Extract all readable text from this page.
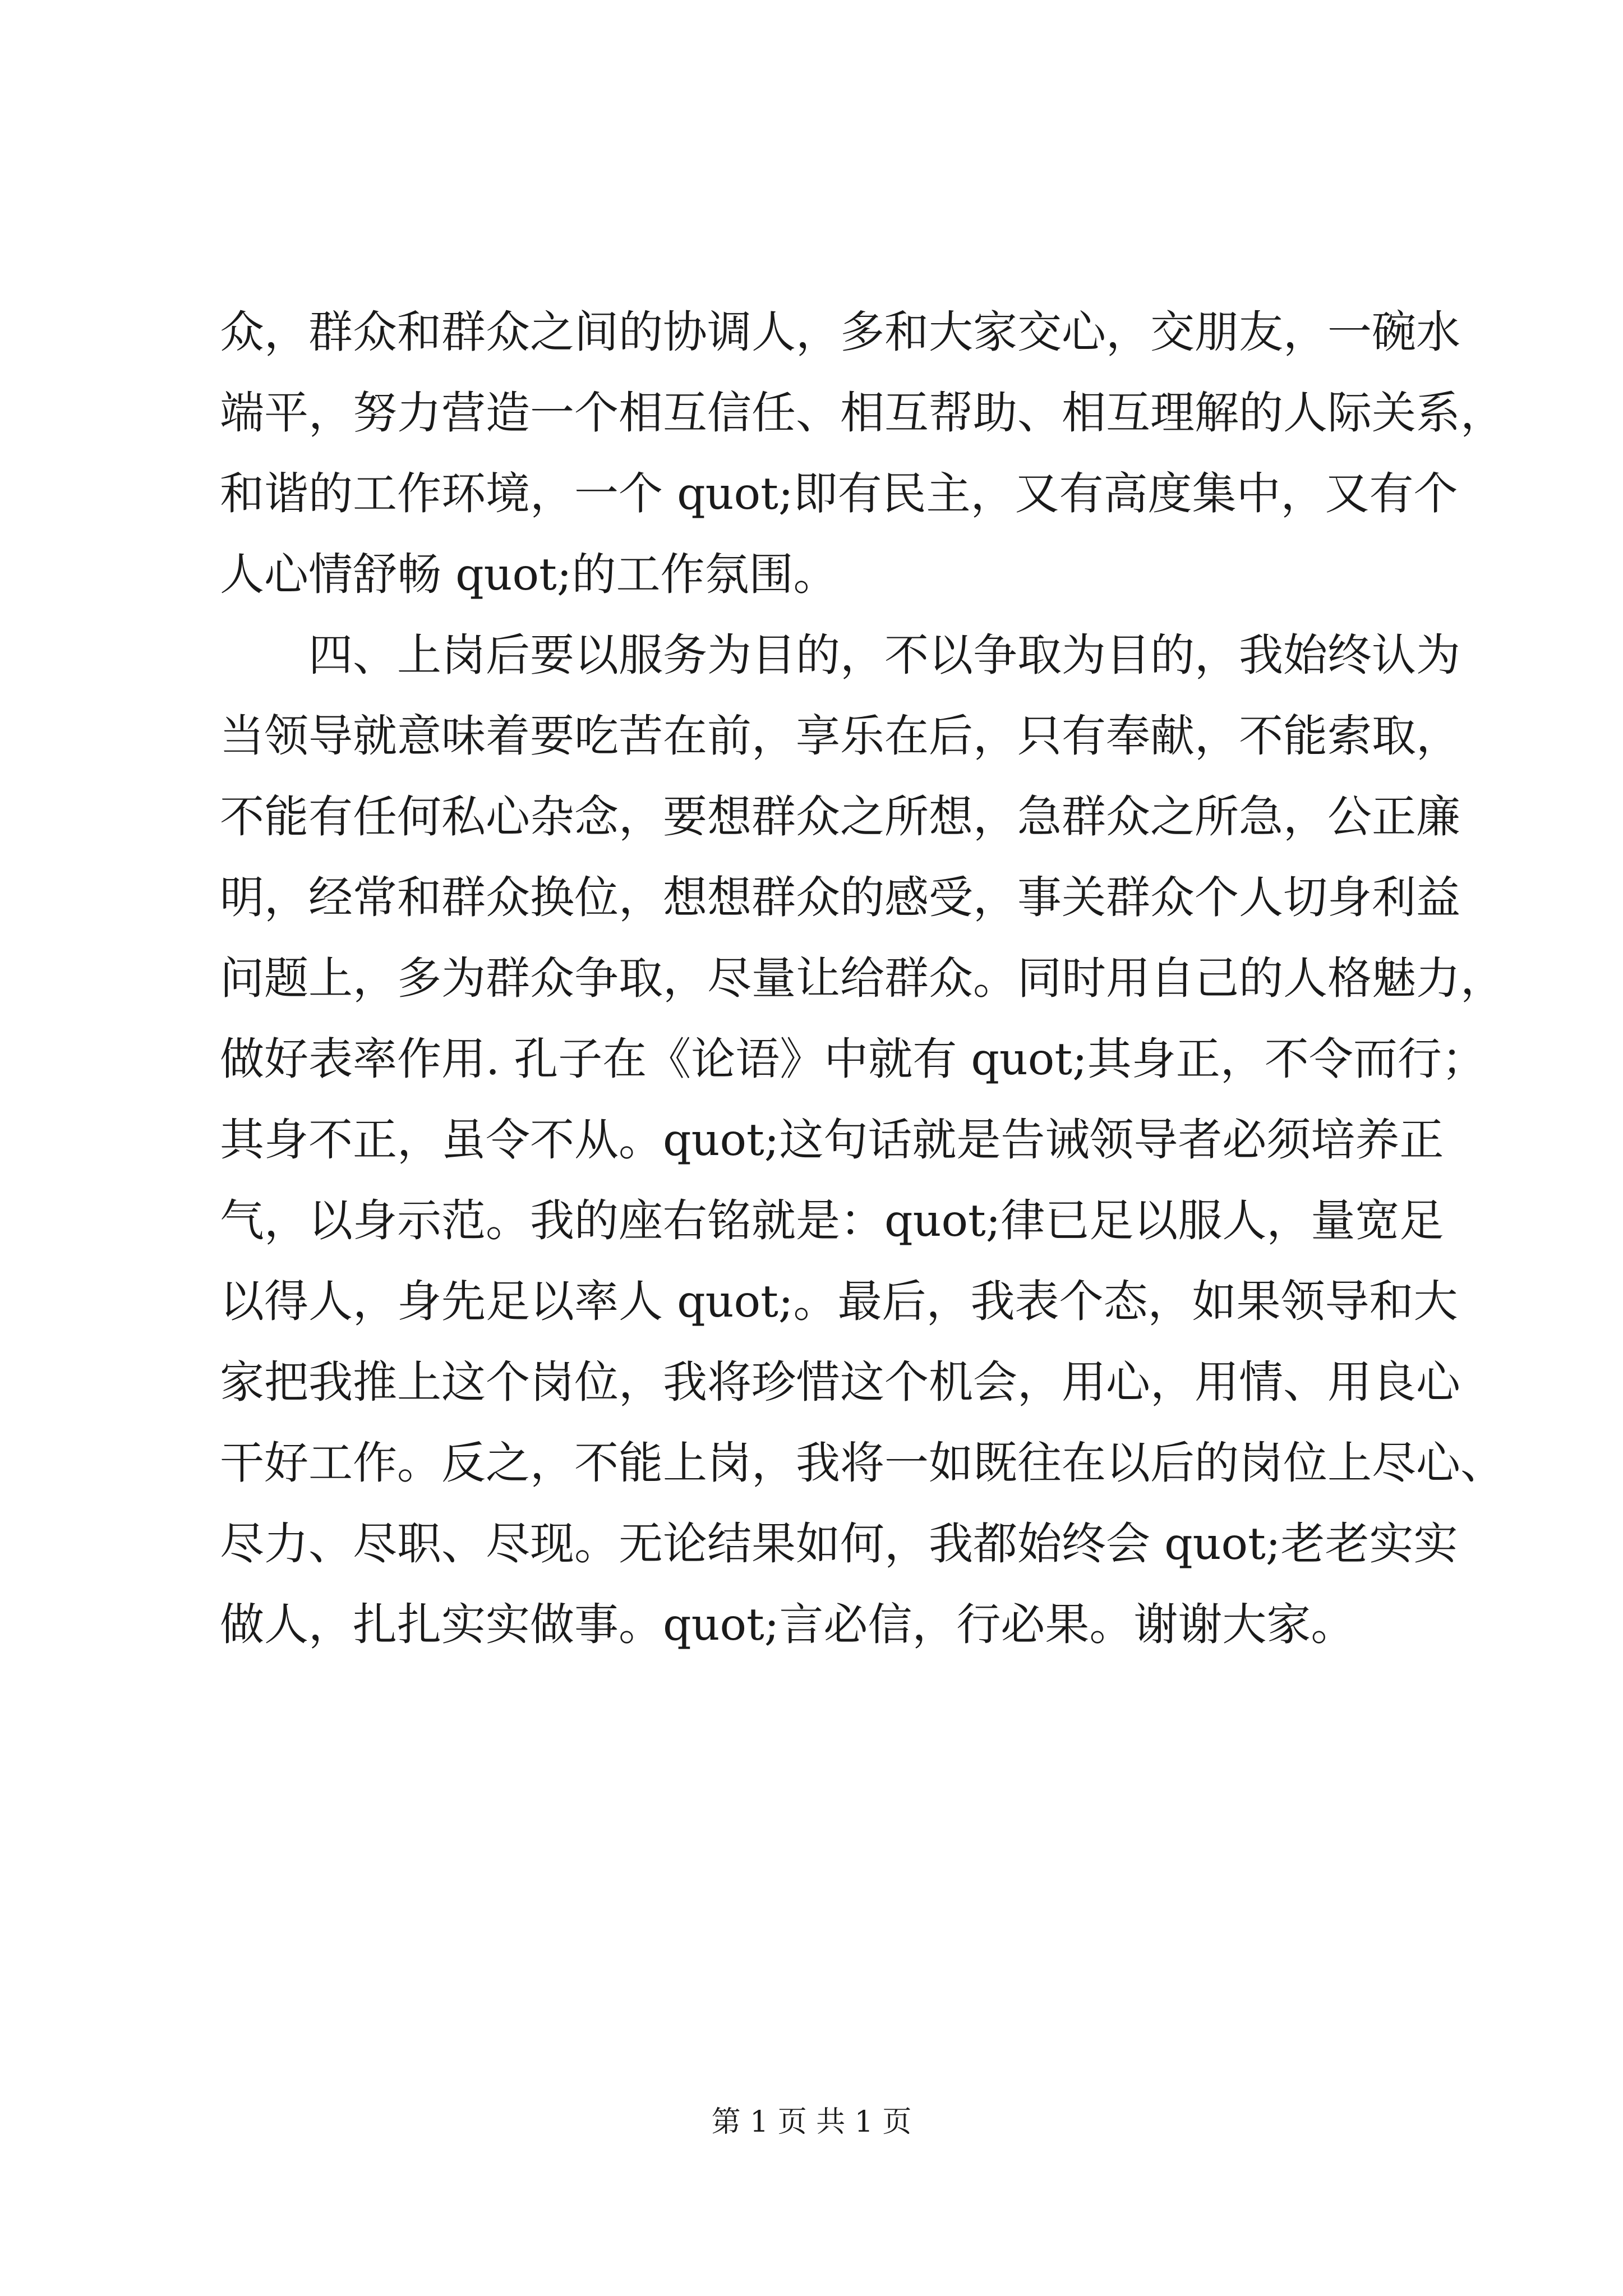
众，群众和群众之间的协调人，多和大家交心，交朋友，一碗水
端平，努力营造一个相互信任、相互帮助、相互理解的人际关系，
和谐的工作环境，一个 quot;即有民主，又有高度集中，又有个
人心情舒畅 quot;的工作氛围。
　　四、上岗后要以服务为目的，不以争取为目的，我始终认为
当领导就意味着要吃苦在前，享乐在后，只有奉献，不能索取，
不能有任何私心杂念，要想群众之所想，急群众之所急，公正廉
明，经常和群众换位，想想群众的感受，事关群众个人切身利益
问题上，多为群众争取，尽量让给群众。同时用自己的人格魅力，
做好表率作用. 孔子在《论语》中就有 quot;其身正，不令而行；
其身不正，虽令不从。quot;这句话就是告诫领导者必须培养正
气，以身示范。我的座右铭就是：quot;律已足以服人，量宽足
以得人，身先足以率人 quot;。最后，我表个态，如果领导和大
家把我推上这个岗位，我将珍惜这个机会，用心，用情、用良心
干好工作。反之，不能上岗，我将一如既往在以后的岗位上尽心、
尽力、尽职、尽现。无论结果如何，我都始终会 quot;老老实实
做人，扎扎实实做事。quot;言必信，行必果。谢谢大家。
第 1 页 共 1 页
